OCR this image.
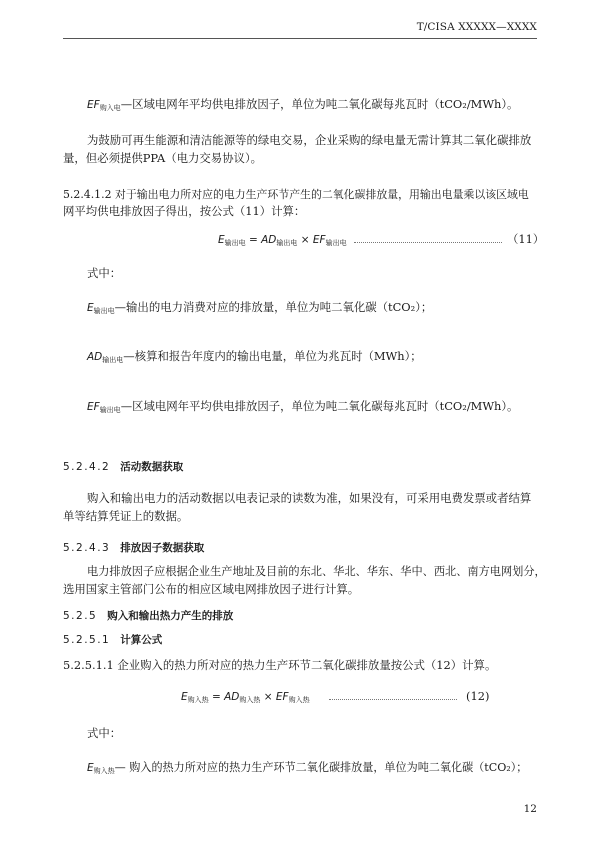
T/CISA XXXXX—XXXX
EF购入电—区域电网年平均供电排放因子，单位为吨二氧化碳每兆瓦时（tCO₂/MWh）。
为鼓励可再生能源和清洁能源等的绿电交易，企业采购的绿电量无需计算其二氧化碳排放
量，但必须提供PPA（电力交易协议）。
5.2.4.1.2 对于输出电力所对应的电力生产环节产生的二氧化碳排放量，用输出电量乘以该区域电
网平均供电排放因子得出，按公式（11）计算：
E输出电 = AD输出电 × EF输出电	（11）
式中：
E输出电—输出的电力消费对应的排放量，单位为吨二氧化碳（tCO₂）；
AD输出电—核算和报告年度内的输出电量，单位为兆瓦时（MWh）；
EF输出电—区域电网年平均供电排放因子，单位为吨二氧化碳每兆瓦时（tCO₂/MWh）。
5.2.4.2 活动数据获取
购入和输出电力的活动数据以电表记录的读数为准，如果没有，可采用电费发票或者结算
单等结算凭证上的数据。
5.2.4.3 排放因子数据获取
电力排放因子应根据企业生产地址及目前的东北、华北、华东、华中、西北、南方电网划分，
选用国家主管部门公布的相应区域电网排放因子进行计算。
5.2.5 购入和输出热力产生的排放
5.2.5.1 计算公式
5.2.5.1.1 企业购入的热力所对应的热力生产环节二氧化碳排放量按公式（12）计算。
E购入热 = AD购入热 × EF购入热	(12)
式中：
E购入热— 购入的热力所对应的热力生产环节二氧化碳排放量，单位为吨二氧化碳（tCO₂）；
12
